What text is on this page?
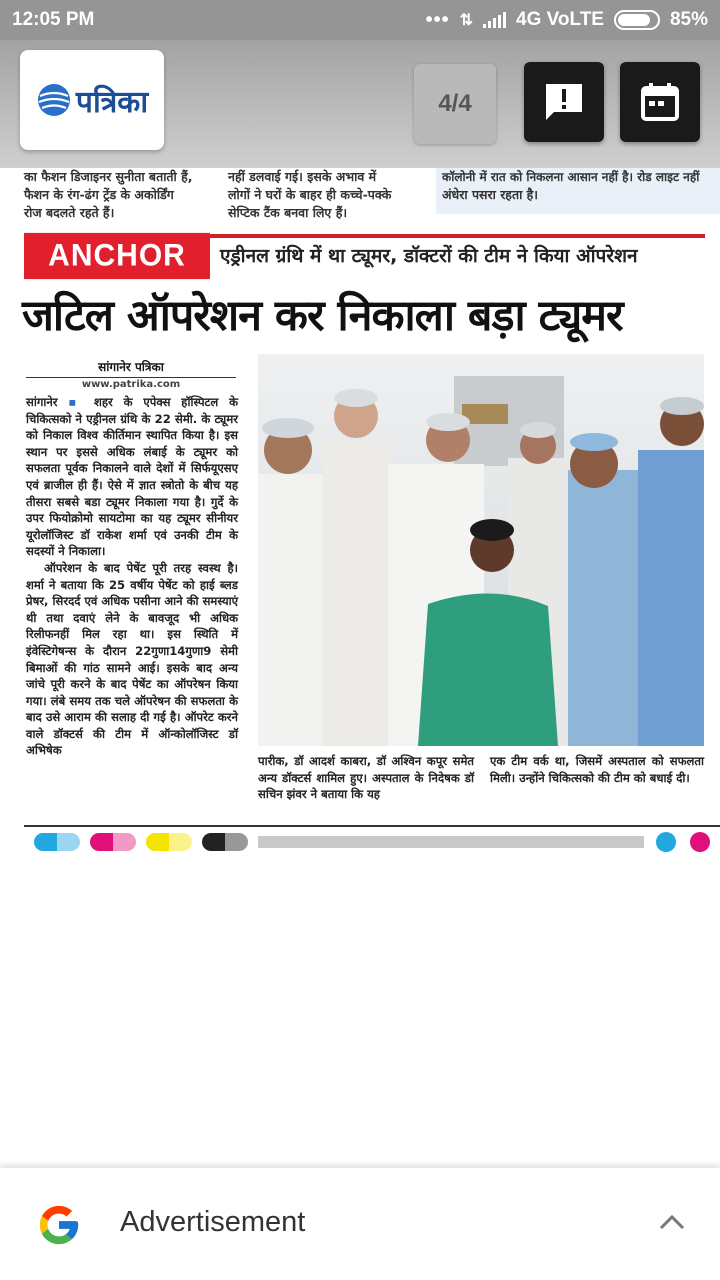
12:05 PM	••• ⇅ 4G VoLTE	85%
पत्रिका	4/4
का फैशन डिजाइनर सुनीता बताती हैं,
फैशन के रंग-ढंग ट्रेंड के अकोर्डिंग
रोज बदलते रहते हैं।
नहीं डलवाई गई। इसके अभाव में
लोगों ने घरों के बाहर ही कच्चे-पक्के
सेप्टिक टैंक बनवा लिए हैं।
कॉलोनी में रात को निकलना आसान नहीं है। रोड लाइट नहीं
अंधेरा पसरा रहता है।
ANCHOR	एड्रीनल ग्रंथि में था ट्यूमर, डॉक्टरों की टीम ने किया ऑपरेशन
जटिल ऑपरेशन कर निकाला बड़ा ट्यूमर
सांगानेर पत्रिका
www.patrika.com
सांगानेर ▪ शहर के एपेक्स हॉस्पिटल के चिकित्सको ने एड्रीनल ग्रंथि के 22 सेमी. के ट्यूमर को निकाल विश्व कीर्तिमान स्थापित किया है। इस स्थान पर इससे अधिक लंबाई के ट्यूमर को सफलता पूर्वक निकालने वाले देशों में सिर्फयूएसए एवं ब्राजील ही हैं। ऐसे में ज्ञात स्त्रोतो के बीच यह तीसरा सबसे बडा ट्यूमर निकाला गया है। गुर्दे के उपर फियोक्रोमो सायटोमा का यह ट्यूमर सीनीयर यूरोलॉजिस्ट डॉ राकेश शर्मा एवं उनकी टीम के सदस्यों ने निकाला।
ऑपरेशन के बाद पेषेंट पूरी तरह स्वस्थ है। शर्मा ने बताया कि 25 वर्षीय पेषेंट को हाई ब्लड प्रेषर, सिरदर्द एवं अधिक पसीना आने की समस्याएं थी तथा दवाएं लेने के बावजूद भी अधिक रिलीफनहीं मिल रहा था। इस स्थिति में इंवेस्टिगेषन्स के दौरान 22गुणा14गुणा9 सेमी बिमाओं की गांठ सामने आई। इसके बाद अन्य जांचे पूरी करने के बाद पेषेंट का ऑपरेषन किया गया। लंबे समय तक चले ऑपरेषन की सफलता के बाद उसे आराम की सलाह दी गई है। ऑपरेट करने वाले डॉक्टर्स की टीम में ऑन्कोलॉजिस्ट डॉ अभिषेक
पारीक, डॉ आदर्श काबरा, डॉ अश्विन कपूर समेत अन्य डॉक्टर्स शामिल हुए। अस्पताल के निदेषक डॉ सचिन झंवर ने बताया कि यह
एक टीम वर्क था, जिसमें अस्पताल को सफलता मिली। उन्होंने चिकित्सको की टीम को बधाई दी।
Advertisement
